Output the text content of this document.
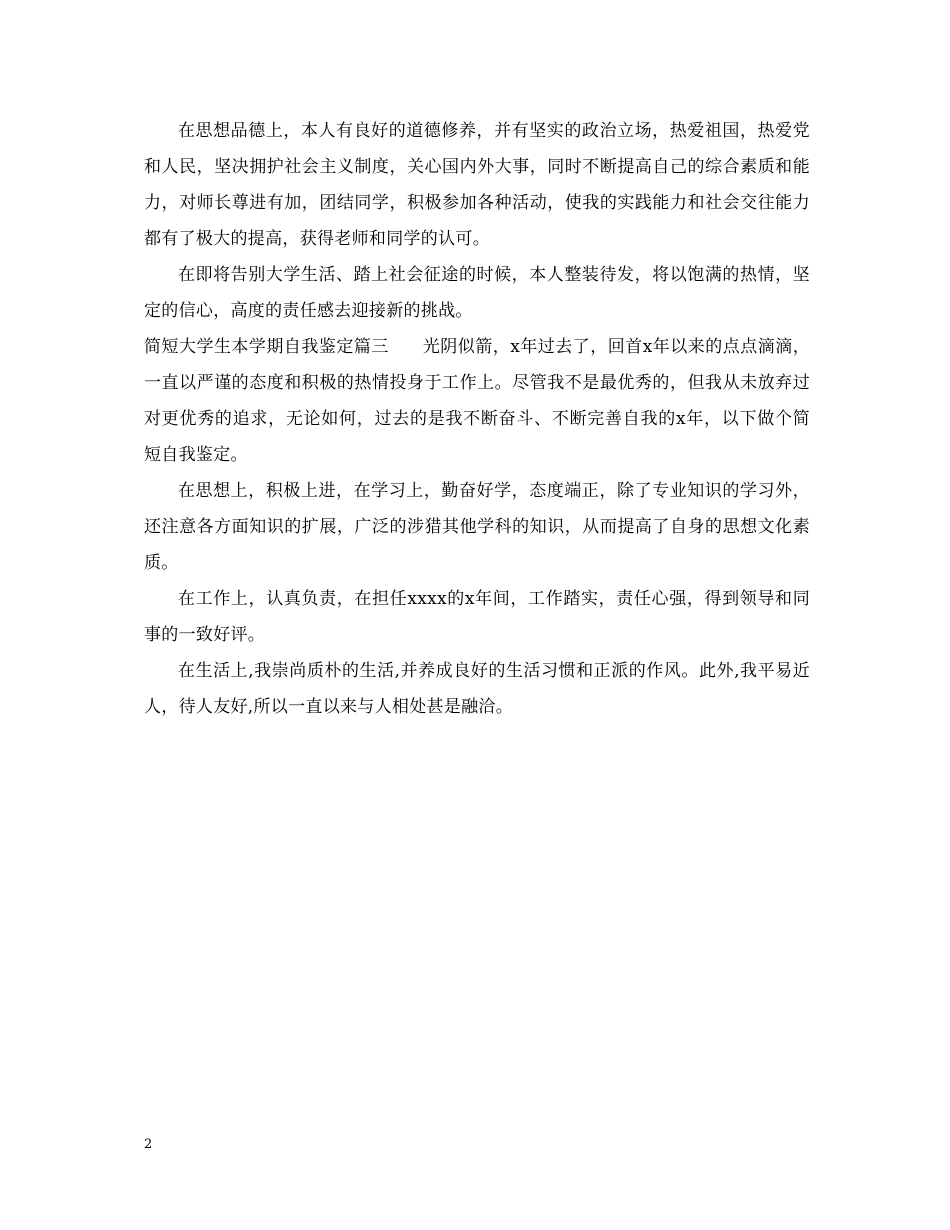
在思想品德上，本人有良好的道德修养，并有坚实的政治立场，热爱祖国，热爱党和人民，坚决拥护社会主义制度，关心国内外大事，同时不断提高自己的综合素质和能力，对师长尊进有加，团结同学，积极参加各种活动，使我的实践能力和社会交往能力都有了极大的提高，获得老师和同学的认可。

在即将告别大学生活、踏上社会征途的时候，本人整装待发，将以饱满的热情，坚定的信心，高度的责任感去迎接新的挑战。

简短大学生本学期自我鉴定篇三 光阴似箭，x年过去了，回首x年以来的点点滴滴，一直以严谨的态度和积极的热情投身于工作上。尽管我不是最优秀的，但我从未放弃过对更优秀的追求，无论如何，过去的是我不断奋斗、不断完善自我的x年，以下做个简短自我鉴定。

在思想上，积极上进，在学习上，勤奋好学，态度端正，除了专业知识的学习外，还注意各方面知识的扩展，广泛的涉猎其他学科的知识，从而提高了自身的思想文化素质。

在工作上，认真负责，在担任xxxx的x年间，工作踏实，责任心强，得到领导和同事的一致好评。

在生活上,我崇尚质朴的生活,并养成良好的生活习惯和正派的作风。此外,我平易近人，待人友好,所以一直以来与人相处甚是融洽。

2
